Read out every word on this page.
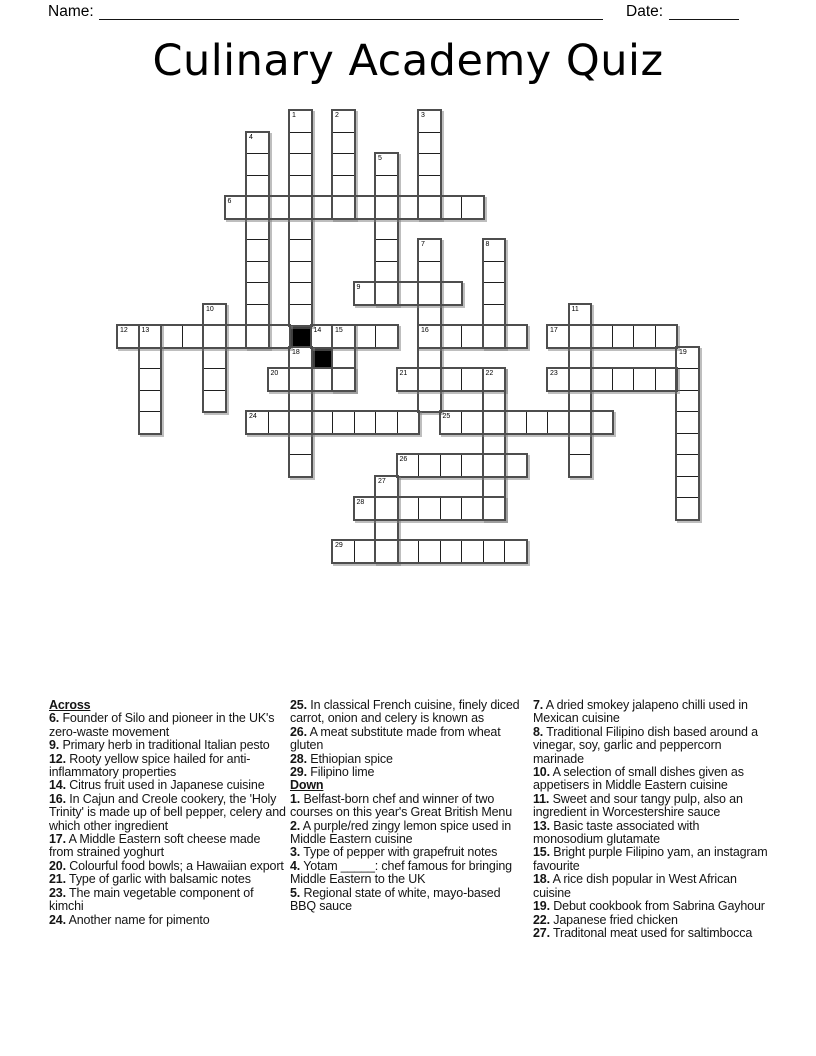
Name:	Date:
Culinary Academy Quiz
1	2	3
4
5
6
7	8
9
10	11
12	13	14	15	16	17
18	19
20	21	22	23
24	25
26
27
28
29
Across
6. Founder of Silo and pioneer in the UK's zero-waste movement
9. Primary herb in traditional Italian pesto
12. Rooty yellow spice hailed for anti-inflammatory properties
14. Citrus fruit used in Japanese cuisine
16. In Cajun and Creole cookery, the 'Holy Trinity' is made up of bell pepper, celery and which other ingredient
17. A Middle Eastern soft cheese made from strained yoghurt
20. Colourful food bowls; a Hawaiian export
21. Type of garlic with balsamic notes
23. The main vegetable component of kimchi
24. Another name for pimento
25. In classical French cuisine, finely diced carrot, onion and celery is known as
26. A meat substitute made from wheat gluten
28. Ethiopian spice
29. Filipino lime
Down
1. Belfast-born chef and winner of two courses on this year's Great British Menu
2. A purple/red zingy lemon spice used in Middle Eastern cuisine
3. Type of pepper with grapefruit notes
4. Yotam _____: chef famous for bringing Middle Eastern to the UK
5. Regional state of white, mayo-based BBQ sauce
7. A dried smokey jalapeno chilli used in Mexican cuisine
8. Traditional Filipino dish based around a vinegar, soy, garlic and peppercorn marinade
10. A selection of small dishes given as appetisers in Middle Eastern cuisine
11. Sweet and sour tangy pulp, also an ingredient in Worcestershire sauce
13. Basic taste associated with monosodium glutamate
15. Bright purple Filipino yam, an instagram favourite
18. A rice dish popular in West African cuisine
19. Debut cookbook from Sabrina Gayhour
22. Japanese fried chicken
27. Traditonal meat used for saltimbocca
